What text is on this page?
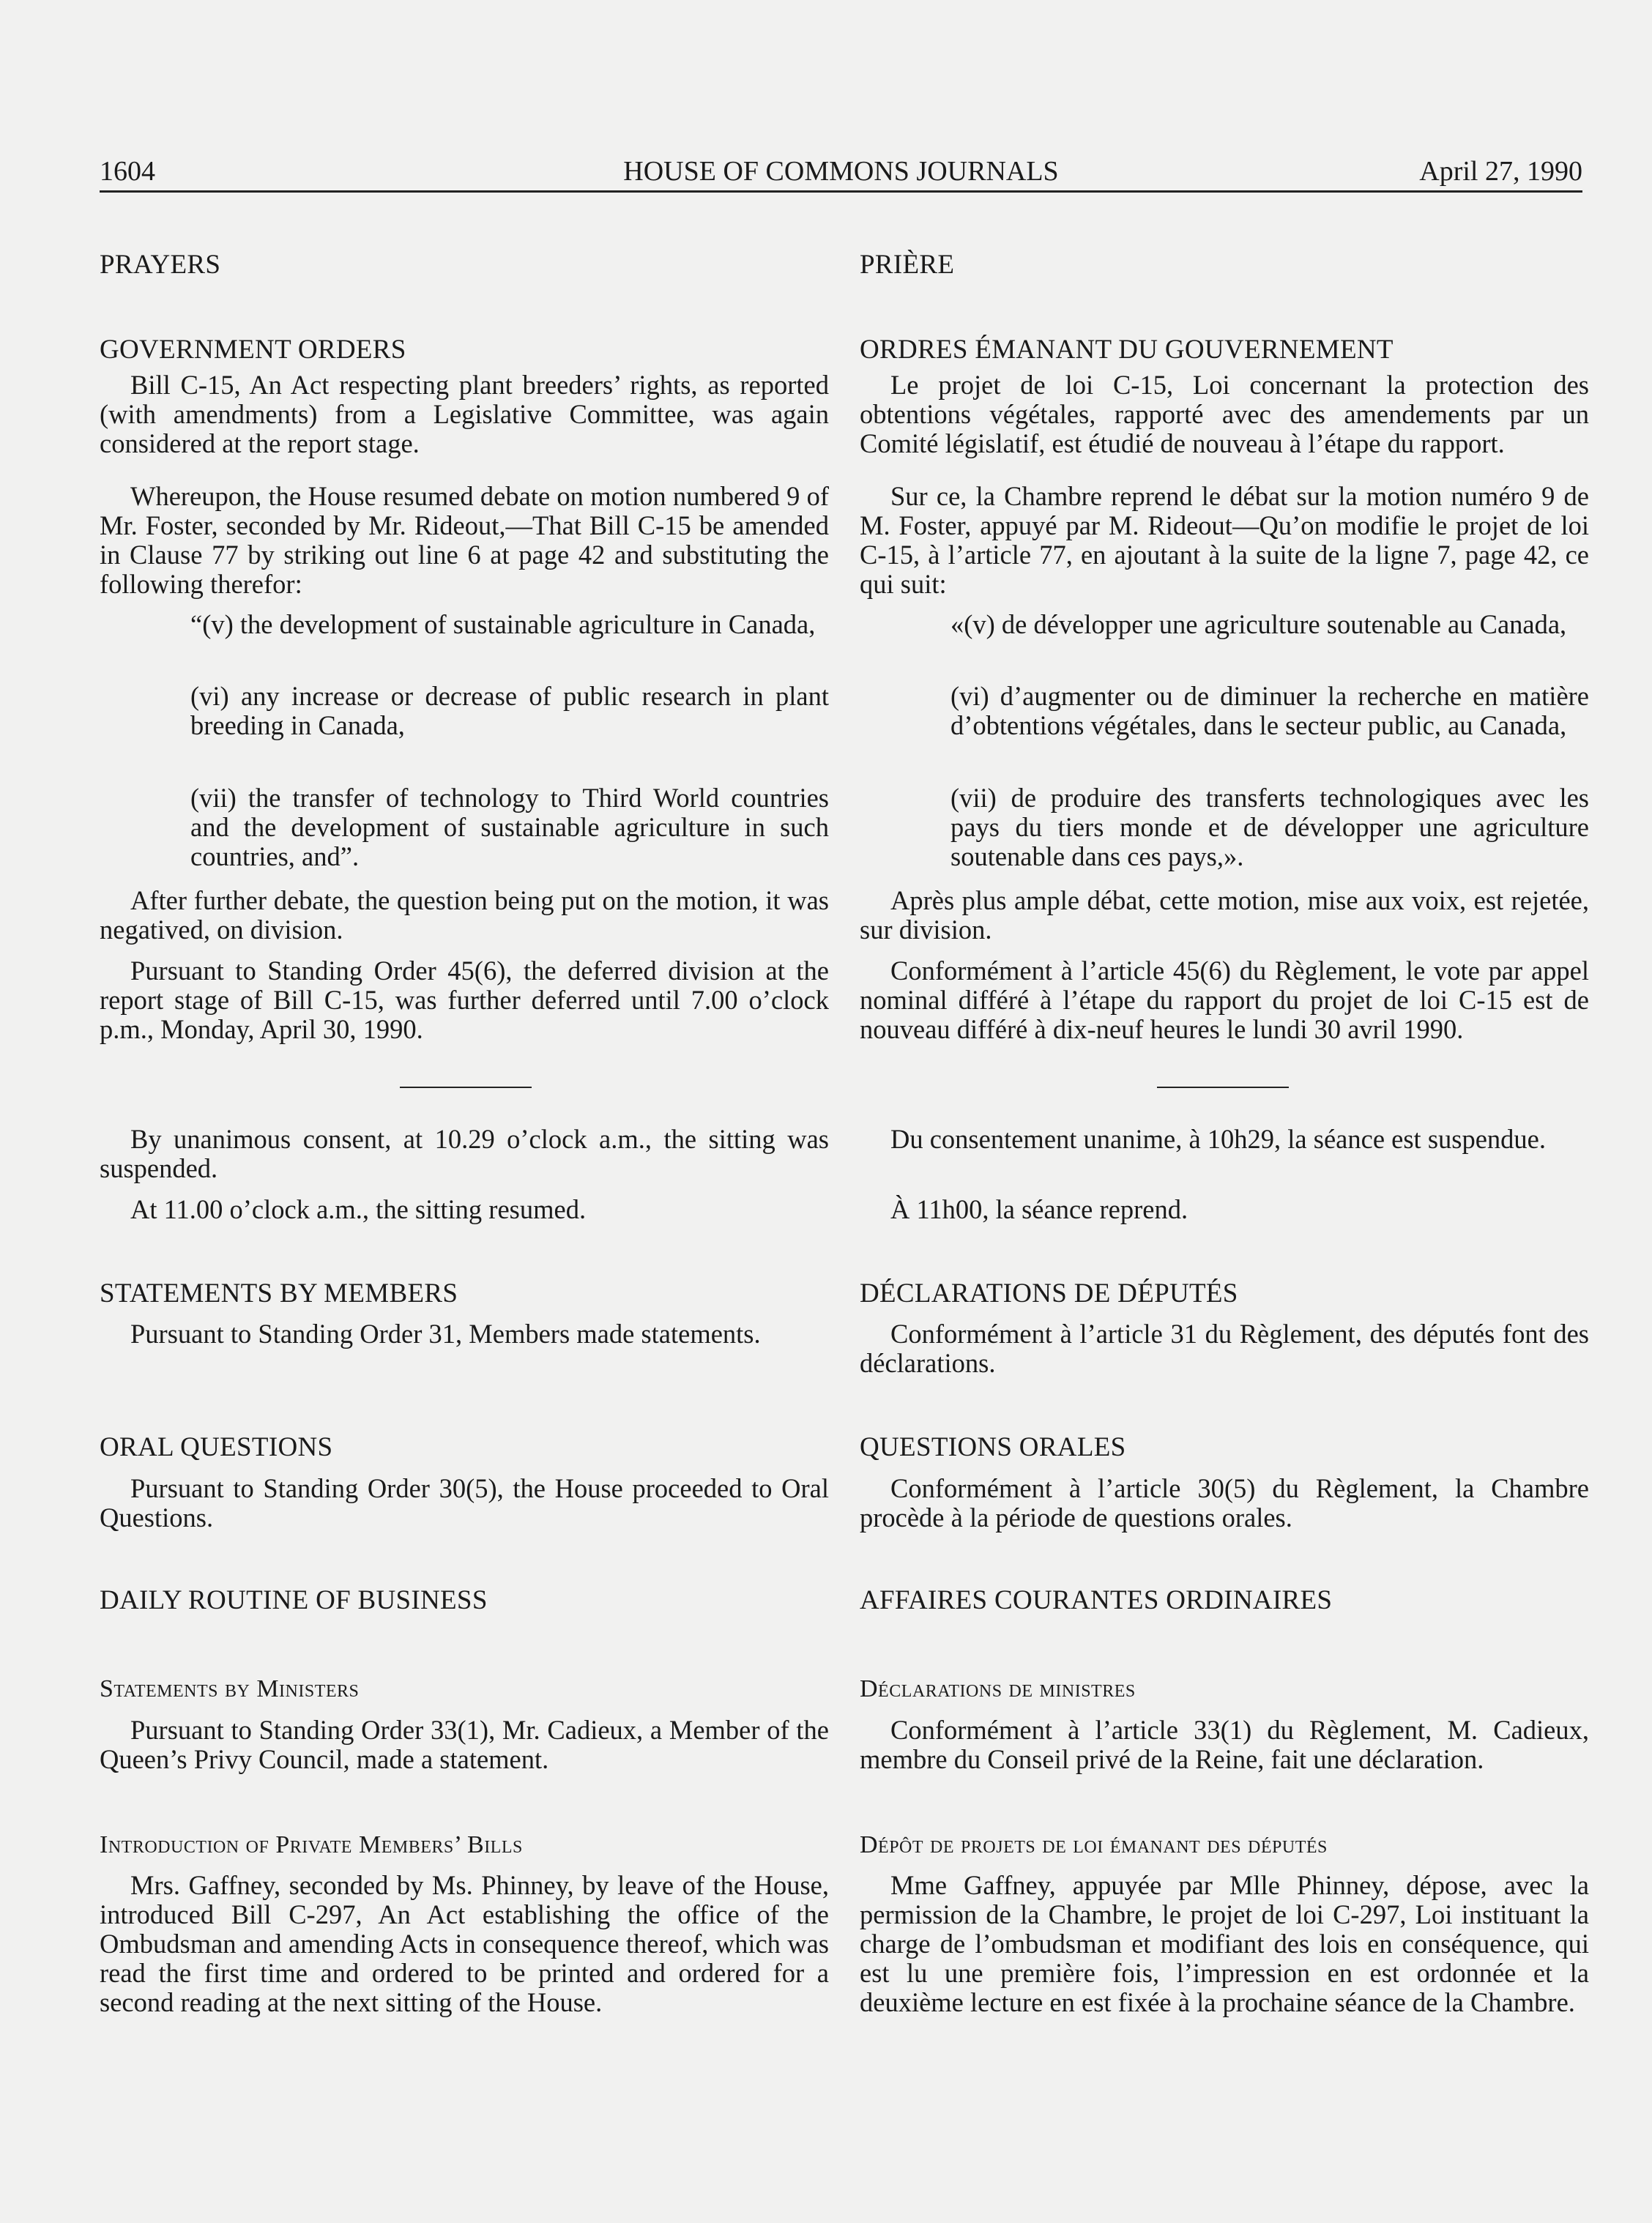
1604	HOUSE OF COMMONS JOURNALS	April 27, 1990
PRAYERS
GOVERNMENT ORDERS

Bill C-15, An Act respecting plant breeders’ rights, as reported (with amendments) from a Legislative Committee, was again considered at the report stage.

Whereupon, the House resumed debate on motion numbered 9 of Mr. Foster, seconded by Mr. Rideout,—That Bill C-15 be amended in Clause 77 by striking out line 6 at page 42 and substituting the following therefor:

“(v) the development of sustainable agriculture in Canada,

(vi) any increase or decrease of public research in plant breeding in Canada,

(vii) the transfer of technology to Third World countries and the development of sustainable agriculture in such countries, and”.

After further debate, the question being put on the motion, it was negatived, on division.

Pursuant to Standing Order 45(6), the deferred division at the report stage of Bill C-15, was further deferred until 7.00 o’clock p.m., Monday, April 30, 1990.

By unanimous consent, at 10.29 o’clock a.m., the sitting was suspended.

At 11.00 o’clock a.m., the sitting resumed.

STATEMENTS BY MEMBERS

Pursuant to Standing Order 31, Members made statements.

ORAL QUESTIONS

Pursuant to Standing Order 30(5), the House proceeded to Oral Questions.

DAILY ROUTINE OF BUSINESS
Statements by Ministers

Pursuant to Standing Order 33(1), Mr. Cadieux, a Member of the Queen’s Privy Council, made a statement.

Introduction of Private Members’ Bills

Mrs. Gaffney, seconded by Ms. Phinney, by leave of the House, introduced Bill C-297, An Act establishing the office of the Ombudsman and amending Acts in consequence thereof, which was read the first time and ordered to be printed and ordered for a second reading at the next sitting of the House.

PRIÈRE
ORDRES ÉMANANT DU GOUVERNEMENT

Le projet de loi C-15, Loi concernant la protection des obtentions végétales, rapporté avec des amendements par un Comité législatif, est étudié de nouveau à l’étape du rapport.

Sur ce, la Chambre reprend le débat sur la motion numéro 9 de M. Foster, appuyé par M. Rideout—Qu’on modifie le projet de loi C-15, à l’article 77, en ajoutant à la suite de la ligne 7, page 42, ce qui suit:

«(v) de développer une agriculture soutenable au Canada,

(vi) d’augmenter ou de diminuer la recherche en matière d’obtentions végétales, dans le secteur public, au Canada,

(vii) de produire des transferts technologiques avec les pays du tiers monde et de développer une agriculture soutenable dans ces pays,».

Après plus ample débat, cette motion, mise aux voix, est rejetée, sur division.

Conformément à l’article 45(6) du Règlement, le vote par appel nominal différé à l’étape du rapport du projet de loi C-15 est de nouveau différé à dix-neuf heures le lundi 30 avril 1990.

Du consentement unanime, à 10h29, la séance est suspendue.

À 11h00, la séance reprend.

DÉCLARATIONS DE DÉPUTÉS

Conformément à l’article 31 du Règlement, des députés font des déclarations.

QUESTIONS ORALES

Conformément à l’article 30(5) du Règlement, la Chambre procède à la période de questions orales.

AFFAIRES COURANTES ORDINAIRES
Déclarations de ministres

Conformément à l’article 33(1) du Règlement, M. Cadieux, membre du Conseil privé de la Reine, fait une déclaration.

Dépôt de projets de loi émanant des députés

Mme Gaffney, appuyée par Mlle Phinney, dépose, avec la permission de la Chambre, le projet de loi C-297, Loi instituant la charge de l’ombudsman et modifiant des lois en conséquence, qui est lu une première fois, l’impression en est ordonnée et la deuxième lecture en est fixée à la prochaine séance de la Chambre.
